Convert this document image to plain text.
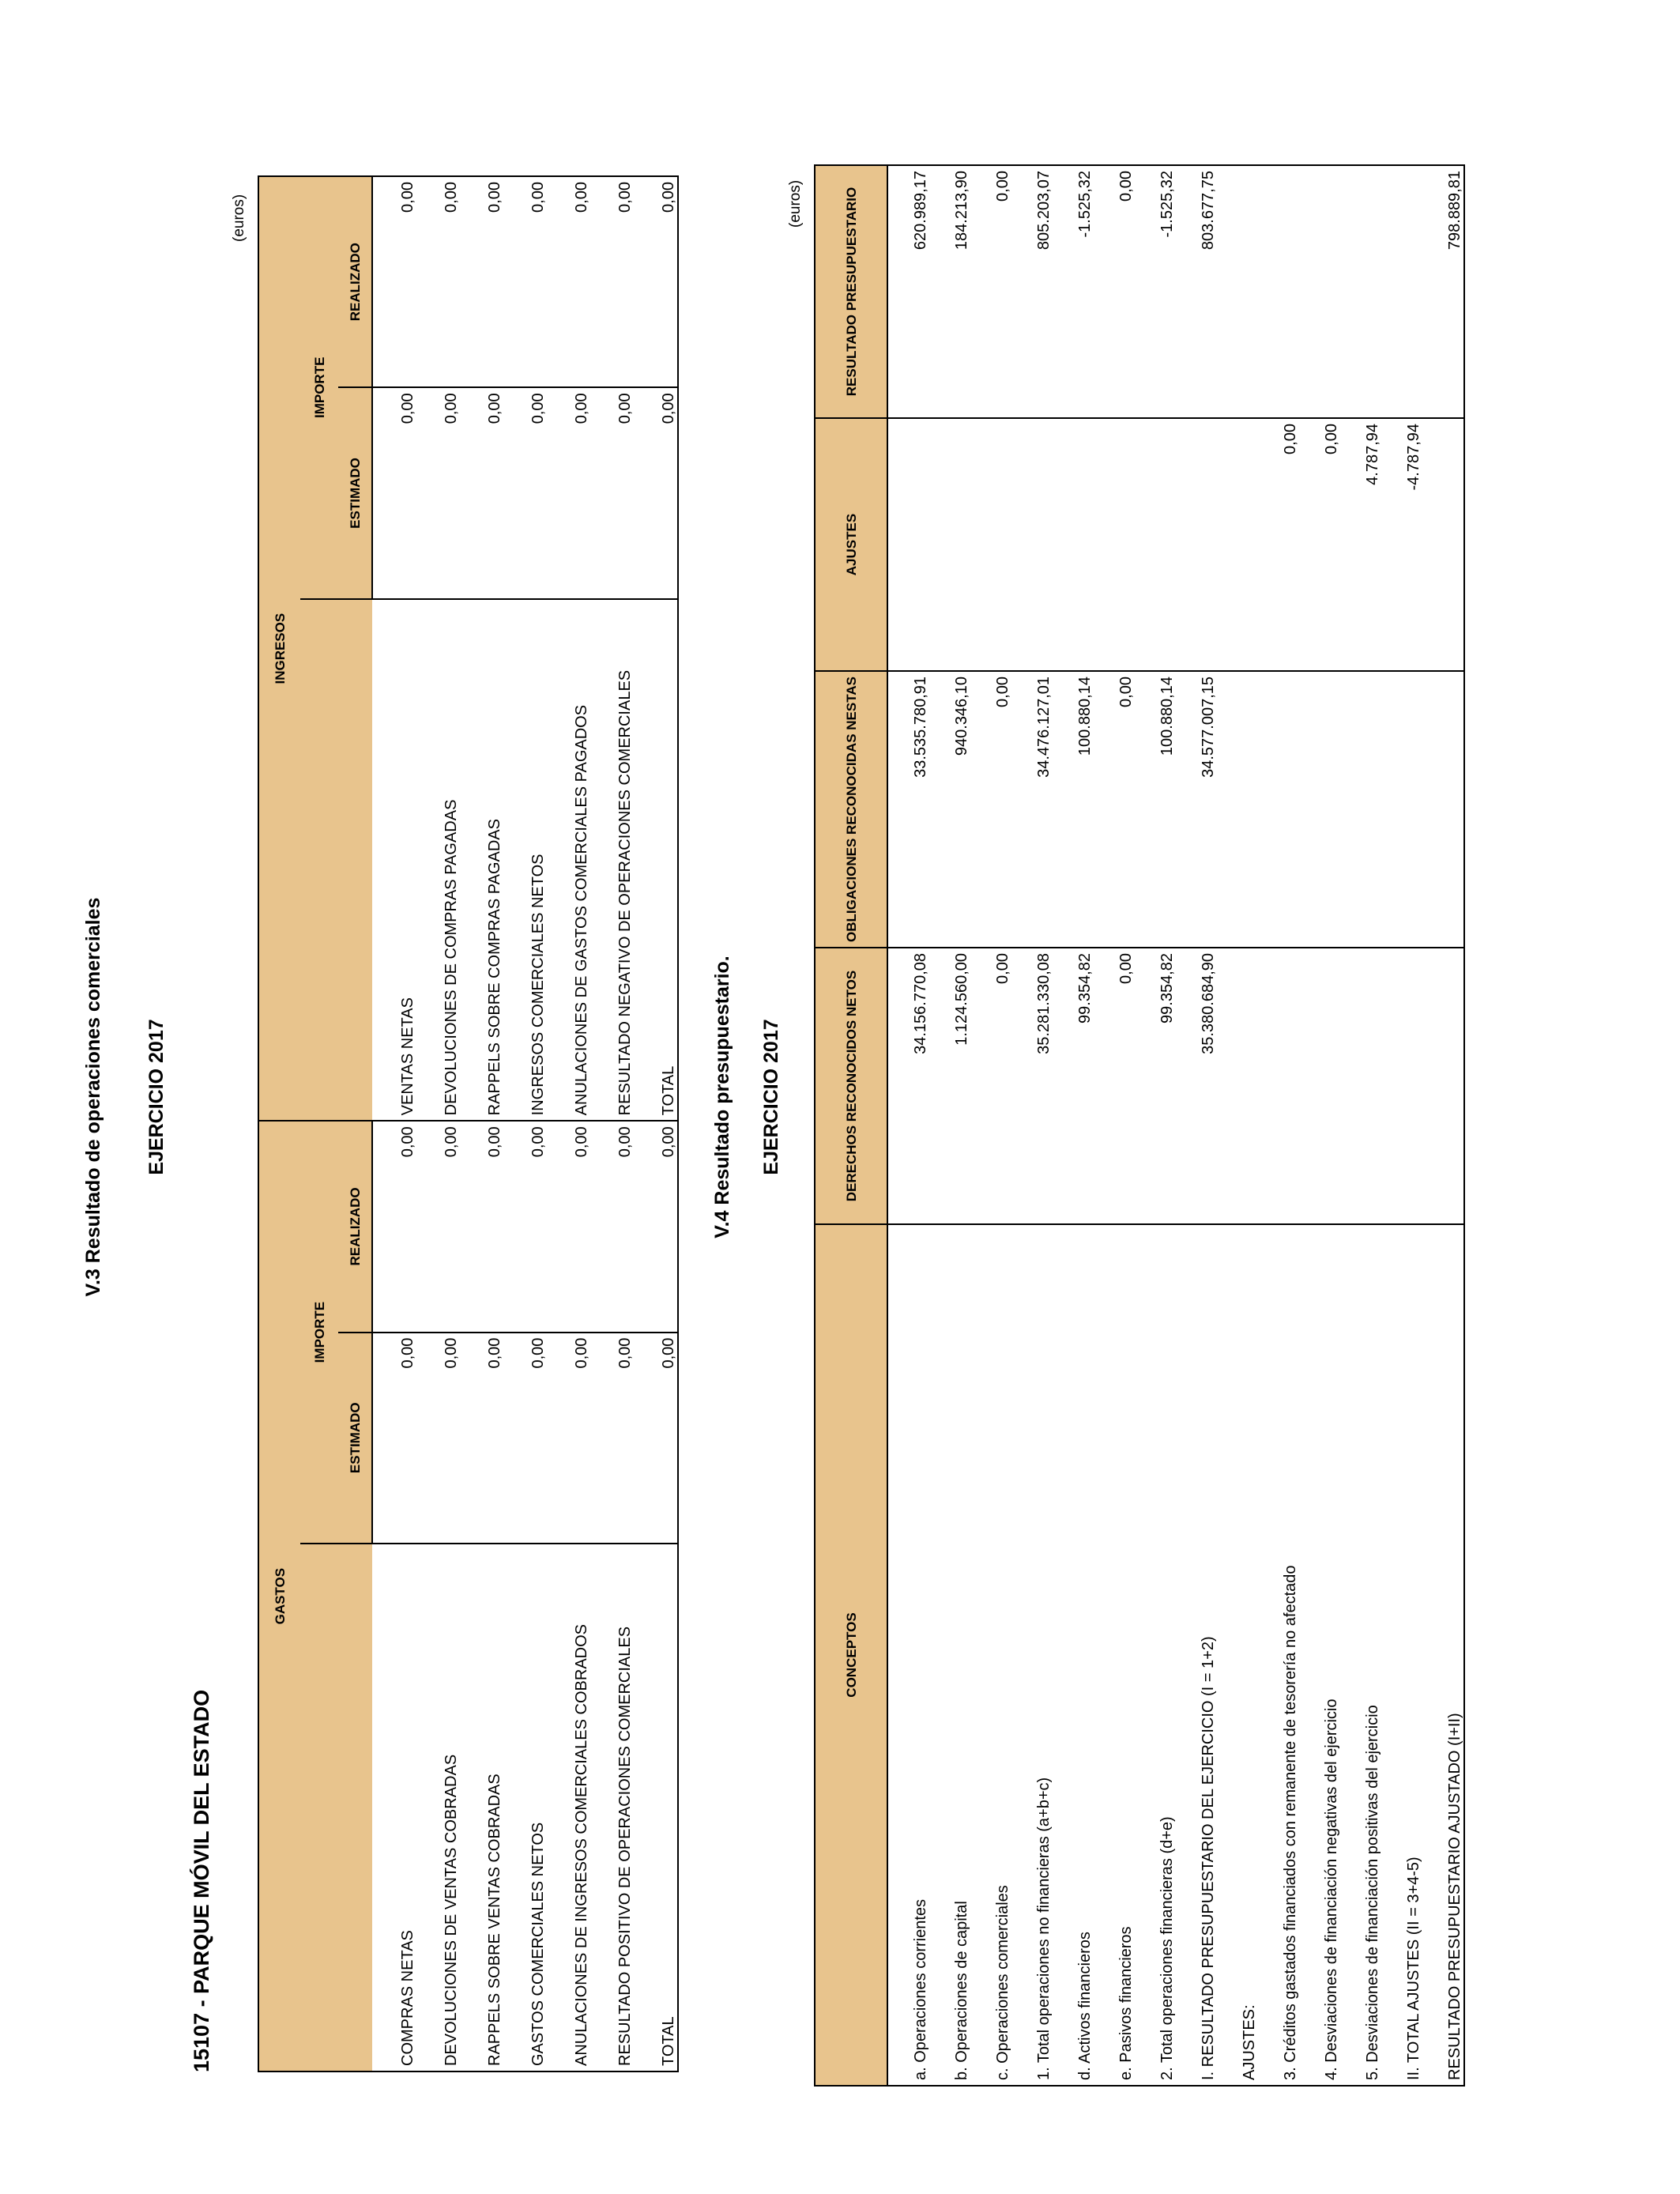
V.3 Resultado de operaciones comerciales EJERCICIO 2017
15107 - PARQUE MÓVIL DEL ESTADO
(euros)
GASTOS			INGRESOS		
	IMPORTE			IMPORTE	
	ESTIMADO	REALIZADO		ESTIMADO	REALIZADO
COMPRAS NETAS	0,00	0,00	VENTAS NETAS	0,00	0,00
DEVOLUCIONES DE VENTAS COBRADAS	0,00	0,00	DEVOLUCIONES DE COMPRAS PAGADAS	0,00	0,00
RAPPELS SOBRE VENTAS COBRADAS	0,00	0,00	RAPPELS SOBRE COMPRAS PAGADAS	0,00	0,00
GASTOS COMERCIALES NETOS	0,00	0,00	INGRESOS COMERCIALES NETOS	0,00	0,00
ANULACIONES DE INGRESOS COMERCIALES COBRADOS	0,00	0,00	ANULACIONES DE GASTOS COMERCIALES PAGADOS	0,00	0,00
RESULTADO POSITIVO DE OPERACIONES COMERCIALES	0,00	0,00	RESULTADO NEGATIVO DE OPERACIONES COMERCIALES	0,00	0,00
TOTAL	0,00	0,00	TOTAL	0,00	0,00
V.4 Resultado presupuestario. EJERCICIO 2017
(euros)
CONCEPTOS	DERECHOS RECONOCIDOS NETOS	OBLIGACIONES RECONOCIDAS NESTAS	AJUSTES	RESULTADO PRESUPUESTARIO
a. Operaciones corrientes	34.156.770,08	33.535.780,91		620.989,17
b. Operaciones de capital	1.124.560,00	940.346,10		184.213,90
c. Operaciones comerciales	0,00	0,00		0,00
1. Total operaciones no financieras (a+b+c)	35.281.330,08	34.476.127,01		805.203,07
d. Activos financieros	99.354,82	100.880,14		-1.525,32
e. Pasivos financieros	0,00	0,00		0,00
2. Total operaciones financieras (d+e)	99.354,82	100.880,14		-1.525,32
I. RESULTADO PRESUPUESTARIO DEL EJERCICIO (I = 1+2)	35.380.684,90	34.577.007,15		803.677,75
AJUSTES:				
3. Créditos gastados financiados con remanente de tesorería no afectado			0,00	
4. Desviaciones de financiación negativas del ejercicio			0,00	
5. Desviaciones de financiación positivas del ejercicio			4.787,94	
II. TOTAL AJUSTES (II = 3+4-5)			-4.787,94	
RESULTADO PRESUPUESTARIO AJUSTADO (I+II)				798.889,81
